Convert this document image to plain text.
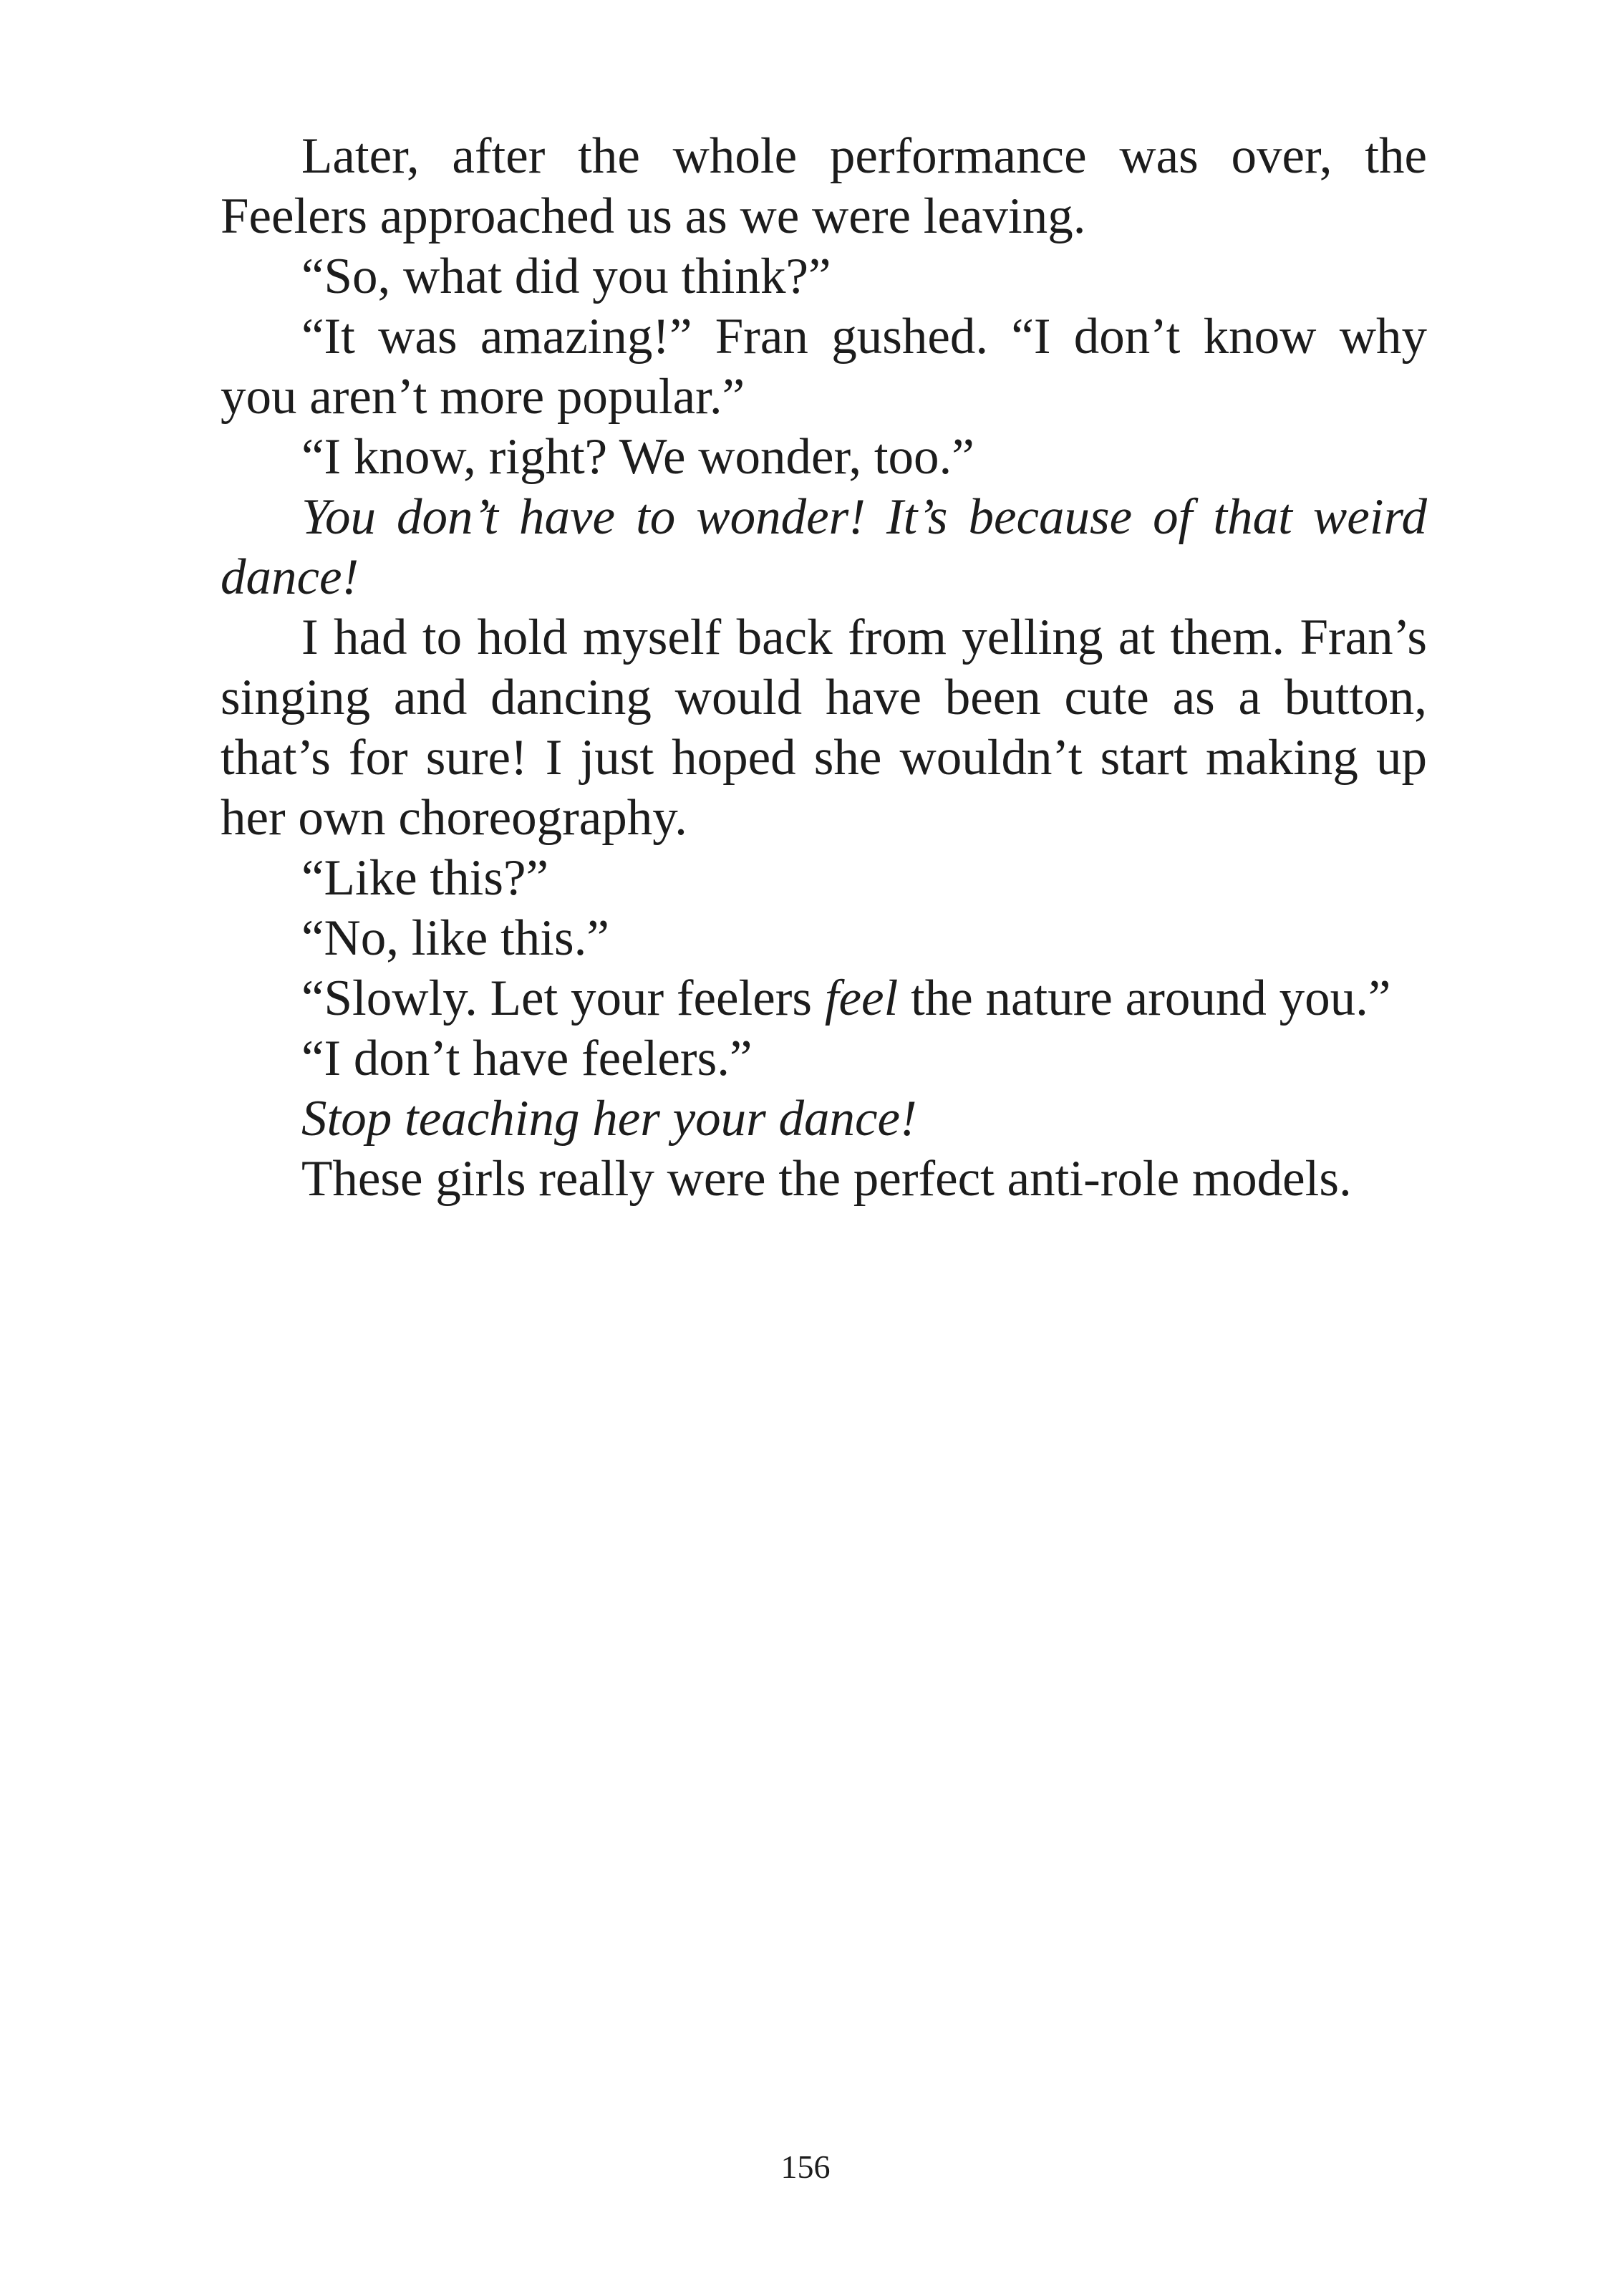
Later, after the whole performance was over, the Feelers approached us as we were leaving.

“So, what did you think?”

“It was amazing!” Fran gushed. “I don’t know why you aren’t more popular.”

“I know, right? We wonder, too.”

You don’t have to wonder! It’s because of that weird dance!

I had to hold myself back from yelling at them. Fran’s singing and dancing would have been cute as a button, that’s for sure! I just hoped she wouldn’t start making up her own choreography.

“Like this?”

“No, like this.”

“Slowly. Let your feelers feel the nature around you.”

“I don’t have feelers.”

Stop teaching her your dance!

These girls really were the perfect anti-role models.

156
